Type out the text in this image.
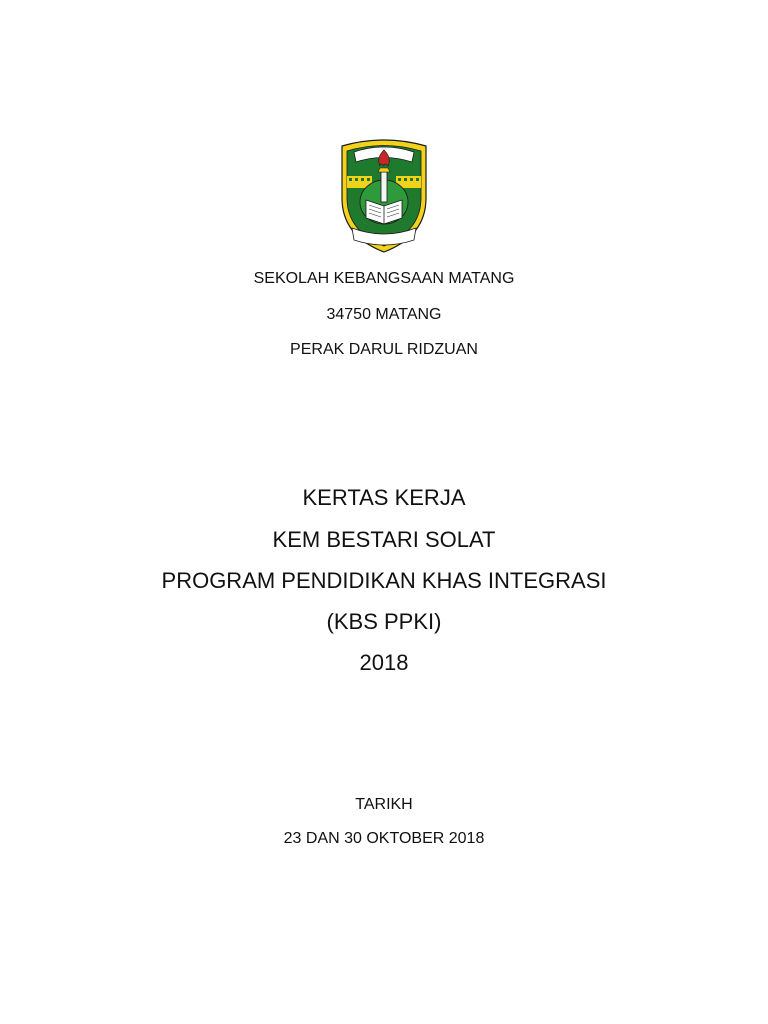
SEKOLAH KEBANGSAAN MATANG
34750 MATANG
PERAK DARUL RIDZUAN
KERTAS KERJA
KEM BESTARI SOLAT
PROGRAM PENDIDIKAN KHAS INTEGRASI
(KBS PPKI)
2018
TARIKH
23 DAN 30 OKTOBER 2018
